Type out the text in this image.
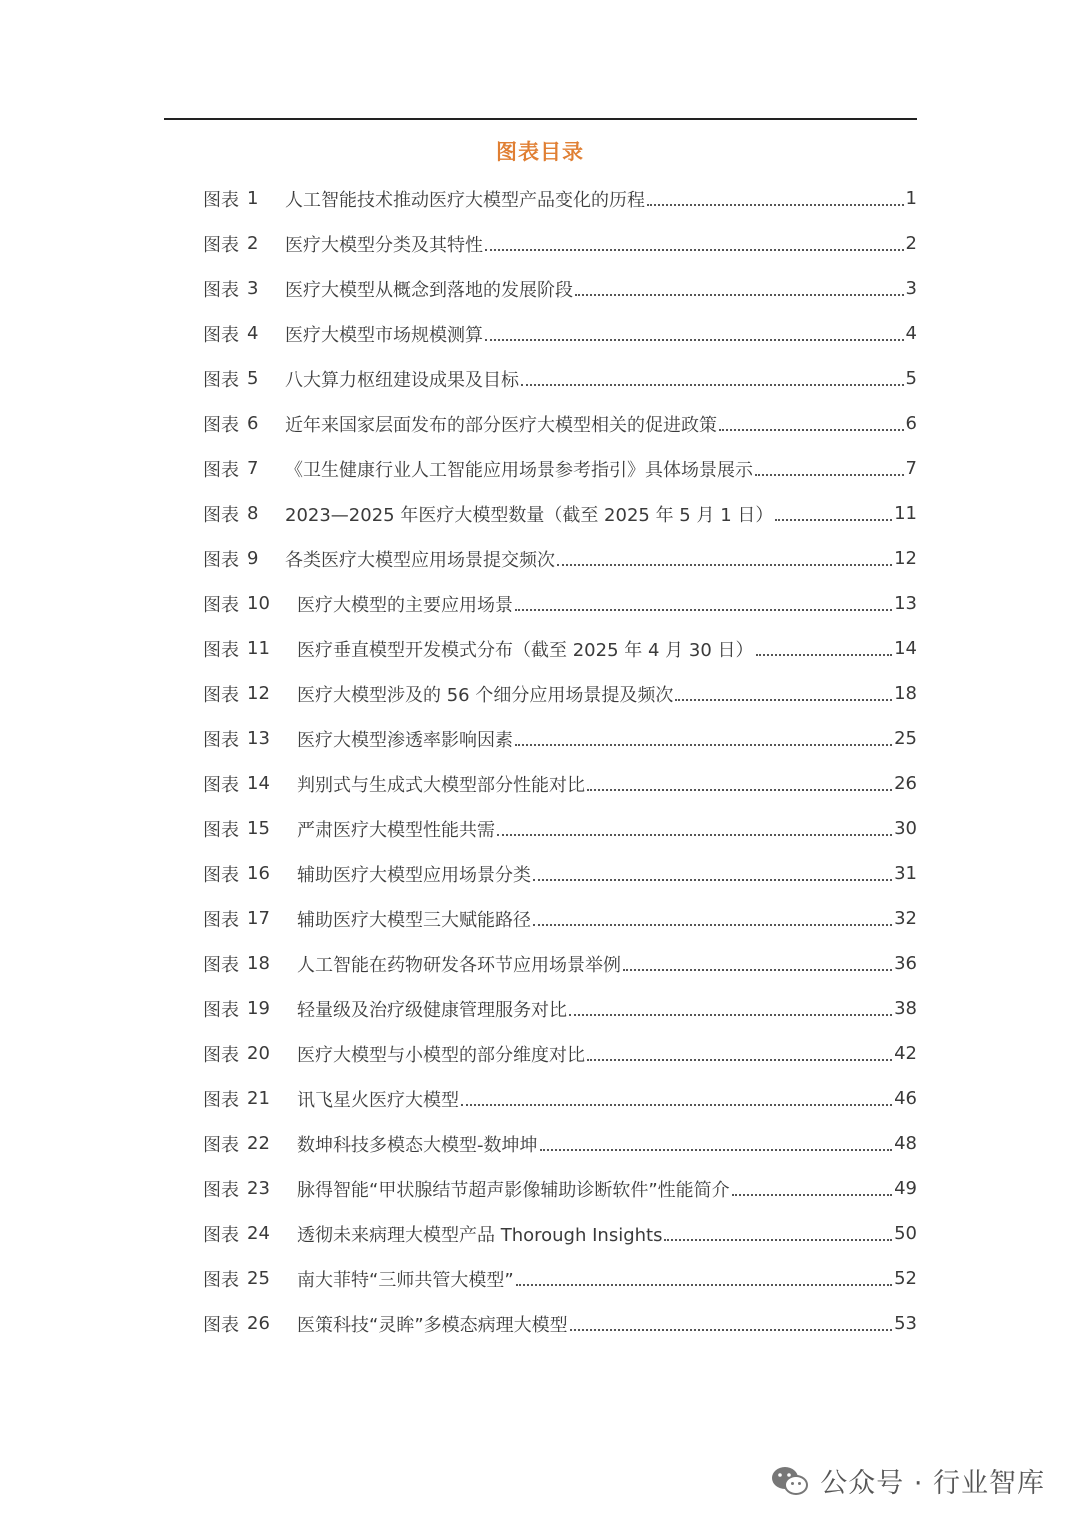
图表目录
图表 1	人工智能技术推动医疗大模型产品变化的历程	1
图表 2	医疗大模型分类及其特性	2
图表 3	医疗大模型从概念到落地的发展阶段	3
图表 4	医疗大模型市场规模测算	4
图表 5	八大算力枢纽建设成果及目标	5
图表 6	近年来国家层面发布的部分医疗大模型相关的促进政策	6
图表 7	《卫生健康行业人工智能应用场景参考指引》具体场景展示	7
图表 8	2023—2025 年医疗大模型数量（截至 2025 年 5 月 1 日）	11
图表 9	各类医疗大模型应用场景提交频次	12
图表 10	医疗大模型的主要应用场景	13
图表 11	医疗垂直模型开发模式分布（截至 2025 年 4 月 30 日）	14
图表 12	医疗大模型涉及的 56 个细分应用场景提及频次	18
图表 13	医疗大模型渗透率影响因素	25
图表 14	判别式与生成式大模型部分性能对比	26
图表 15	严肃医疗大模型性能共需	30
图表 16	辅助医疗大模型应用场景分类	31
图表 17	辅助医疗大模型三大赋能路径	32
图表 18	人工智能在药物研发各环节应用场景举例	36
图表 19	轻量级及治疗级健康管理服务对比	38
图表 20	医疗大模型与小模型的部分维度对比	42
图表 21	讯飞星火医疗大模型	46
图表 22	数坤科技多模态大模型-数坤坤	48
图表 23	脉得智能“甲状腺结节超声影像辅助诊断软件”性能简介	49
图表 24	透彻未来病理大模型产品 Thorough Insights	50
图表 25	南大菲特“三师共管大模型”	52
图表 26	医策科技“灵眸”多模态病理大模型	53
公众号 · 行业智库
